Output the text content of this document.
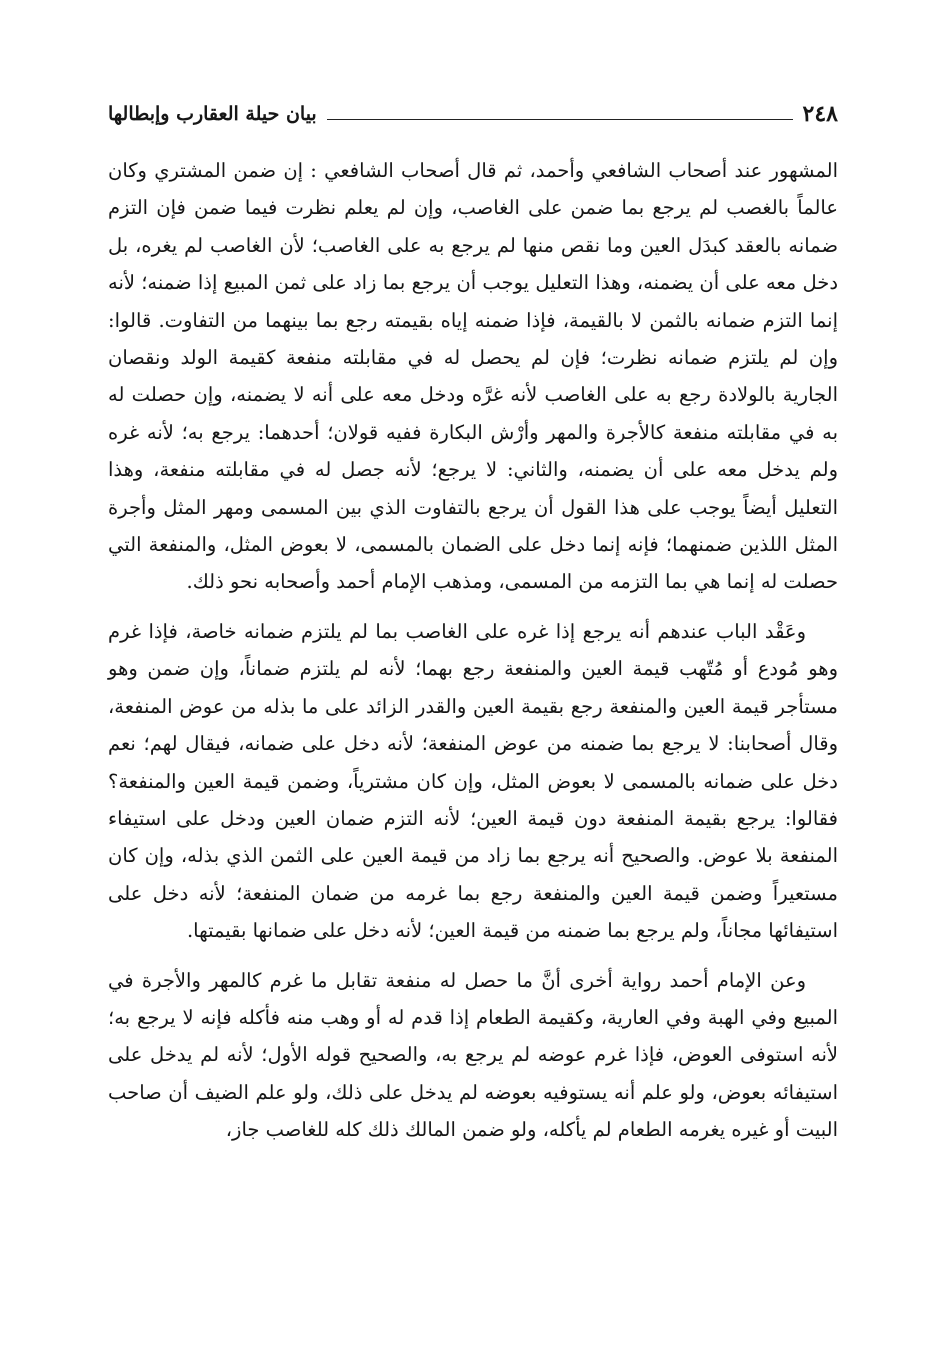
٢٤٨
بيان حيلة العقارب وإبطالها

المشهور عند أصحاب الشافعي وأحمد، ثم قال أصحاب الشافعي : إن ضمن المشتري وكان عالماً بالغصب لم يرجع بما ضمن على الغاصب، وإن لم يعلم نظرت فيما ضمن فإن التزم ضمانه بالعقد كبدَل العين وما نقص منها لم يرجع به على الغاصب؛ لأن الغاصب لم يغره، بل دخل معه على أن يضمنه، وهذا التعليل يوجب أن يرجع بما زاد على ثمن المبيع إذا ضمنه؛ لأنه إنما التزم ضمانه بالثمن لا بالقيمة، فإذا ضمنه إياه بقيمته رجع بما بينهما من التفاوت. قالوا: وإن لم يلتزم ضمانه نظرت؛ فإن لم يحصل له في مقابلته منفعة كقيمة الولد ونقصان الجارية بالولادة رجع به على الغاصب لأنه غرَّه ودخل معه على أنه لا يضمنه، وإن حصلت له به في مقابلته منفعة كالأجرة والمهر وأرْش البكارة ففيه قولان؛ أحدهما: يرجع به؛ لأنه غره ولم يدخل معه على أن يضمنه، والثاني: لا يرجع؛ لأنه جصل له في مقابلته منفعة، وهذا التعليل أيضاً يوجب على هذا القول أن يرجع بالتفاوت الذي بين المسمى ومهر المثل وأجرة المثل اللذين ضمنهما؛ فإنه إنما دخل على الضمان بالمسمى، لا بعوض المثل، والمنفعة التي حصلت له إنما هي بما التزمه من المسمى، ومذهب الإمام أحمد وأصحابه نحو ذلك.

وعَقْد الباب عندهم أنه يرجع إذا غره على الغاصب بما لم يلتزم ضمانه خاصة، فإذا غرم وهو مُودع أو مُتّهب قيمة العين والمنفعة رجع بهما؛ لأنه لم يلتزم ضماناً، وإن ضمن وهو مستأجر قيمة العين والمنفعة رجع بقيمة العين والقدر الزائد على ما بذله من عوض المنفعة، وقال أصحابنا: لا يرجع بما ضمنه من عوض المنفعة؛ لأنه دخل على ضمانه، فيقال لهم؛ نعم دخل على ضمانه بالمسمى لا بعوض المثل، وإن كان مشترياً، وضمن قيمة العين والمنفعة؟ فقالوا: يرجع بقيمة المنفعة دون قيمة العين؛ لأنه التزم ضمان العين ودخل على استيفاء المنفعة بلا عوض. والصحيح أنه يرجع بما زاد من قيمة العين على الثمن الذي بذله، وإن كان مستعيراً وضمن قيمة العين والمنفعة رجع بما غرمه من ضمان المنفعة؛ لأنه دخل على استيفائها مجاناً، ولم يرجع بما ضمنه من قيمة العين؛ لأنه دخل على ضمانها بقيمتها.

وعن الإمام أحمد رواية أخرى أنَّ ما حصل له منفعة تقابل ما غرم كالمهر والأجرة في المبيع وفي الهبة وفي العارية، وكقيمة الطعام إذا قدم له أو وهب منه فأكله فإنه لا يرجع به؛ لأنه استوفى العوض، فإذا غرم عوضه لم يرجع به، والصحيح قوله الأول؛ لأنه لم يدخل على استيفائه بعوض، ولو علم أنه يستوفيه بعوضه لم يدخل على ذلك، ولو علم الضيف أن صاحب البيت أو غيره يغرمه الطعام لم يأكله، ولو ضمن المالك ذلك كله للغاصب جاز،
